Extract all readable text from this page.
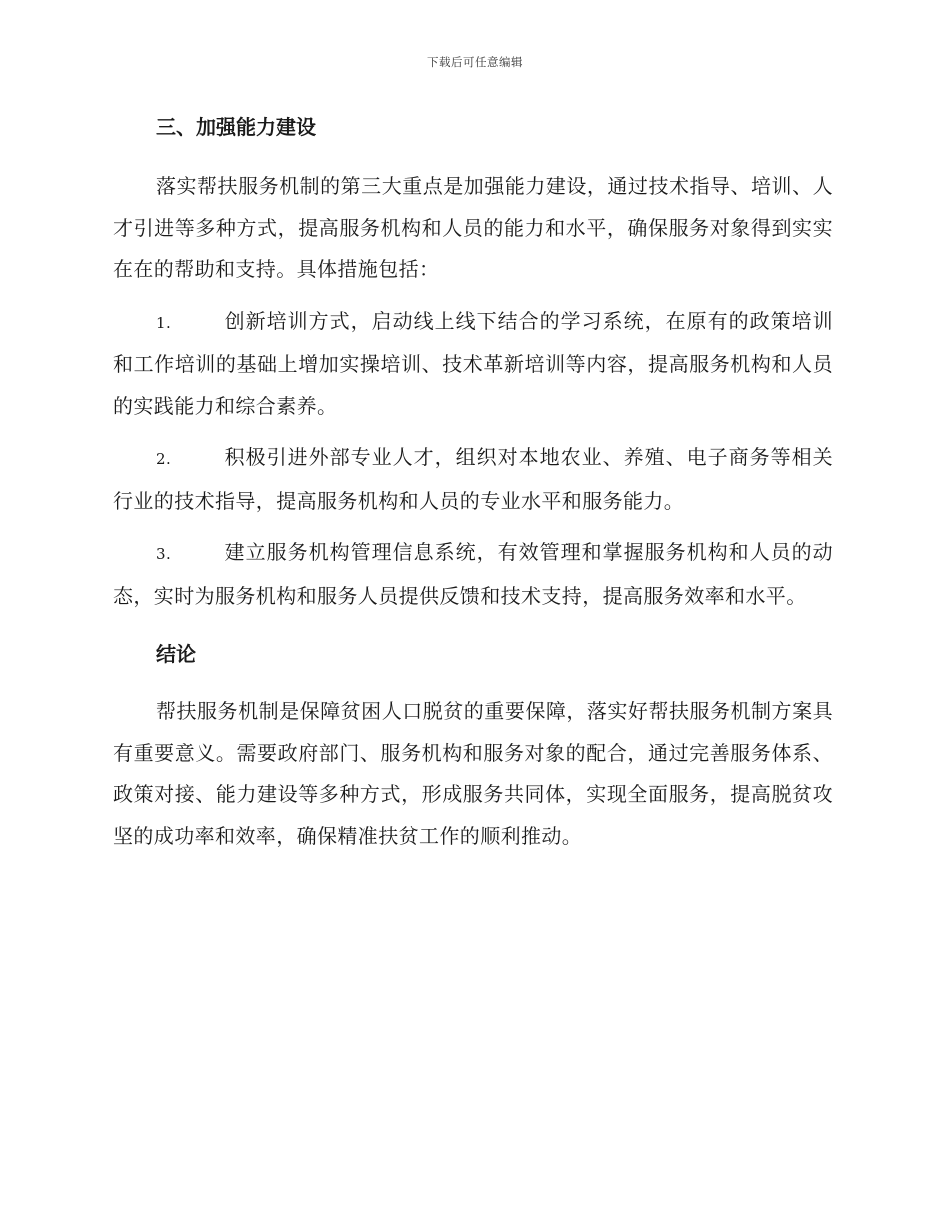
下载后可任意编辑
三、加强能力建设

落实帮扶服务机制的第三大重点是加强能力建设，通过技术指导、培训、人才引进等多种方式，提高服务机构和人员的能力和水平，确保服务对象得到实实在在的帮助和支持。具体措施包括：

1.	创新培训方式，启动线上线下结合的学习系统，在原有的政策培训和工作培训的基础上增加实操培训、技术革新培训等内容，提高服务机构和人员的实践能力和综合素养。

2.	积极引进外部专业人才，组织对本地农业、养殖、电子商务等相关行业的技术指导，提高服务机构和人员的专业水平和服务能力。

3.	建立服务机构管理信息系统，有效管理和掌握服务机构和人员的动态，实时为服务机构和服务人员提供反馈和技术支持，提高服务效率和水平。

结论

帮扶服务机制是保障贫困人口脱贫的重要保障，落实好帮扶服务机制方案具有重要意义。需要政府部门、服务机构和服务对象的配合，通过完善服务体系、政策对接、能力建设等多种方式，形成服务共同体，实现全面服务，提高脱贫攻坚的成功率和效率，确保精准扶贫工作的顺利推动。
